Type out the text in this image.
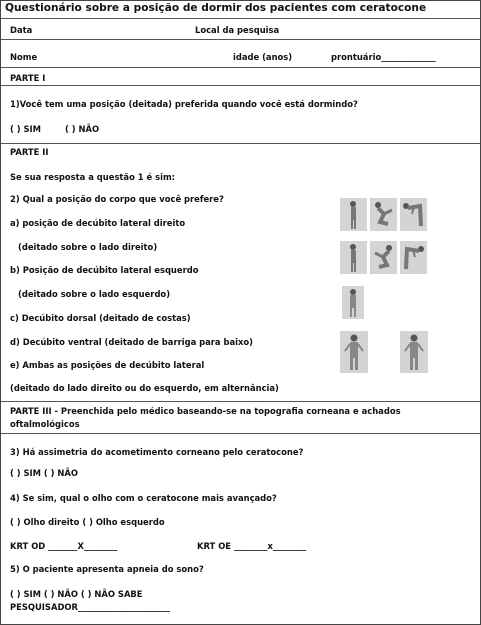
Questionário sobre a posição de dormir dos pacientes com ceratocone
Data	Local da pesquisa
Nome	idade (anos)	prontuário_____________
PARTE I
1)Você tem uma posição (deitada) preferida quando você está dormindo?
( ) SIM	( ) NÃO
PARTE II
Se sua resposta a questão 1 é sim:
2) Qual a posição do corpo que você prefere?
a) posição de decúbito lateral direito
(deitado sobre o lado direito)
b) Posição de decúbito lateral esquerdo
(deitado sobre o lado esquerdo)
c) Decúbito dorsal (deitado de costas)
d) Decúbito ventral (deitado de barriga para baixo)
e) Ambas as posições de decúbito lateral
(deitado do lado direito ou do esquerdo, em alternância)
PARTE III - Preenchida pelo médico baseando-se na topografia corneana e achados
oftalmológicos
3) Há assimetria do acometimento corneano pelo ceratocone?
( ) SIM ( ) NÃO
4) Se sim, qual o olho com o ceratocone mais avançado?
( ) Olho direito ( ) Olho esquerdo
KRT OD _______X________	KRT OE ________x________
5) O paciente apresenta apneia do sono?
( ) SIM ( ) NÃO ( ) NÃO SABE
PESQUISADOR______________________
